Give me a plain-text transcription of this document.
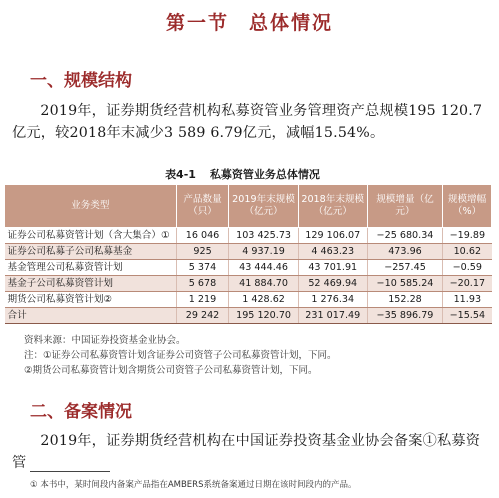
第一节 总体情况
一、规模结构
2019年，证券期货经营机构私募资管业务管理资产总规模195 120.7亿元，较2018年末减少3 589 6.79亿元，减幅15.54%。
表4-1 私募资管业务总体情况
业务类型	产品数量（只）	2019年末规模（亿元）	2018年末规模（亿元）	规模增量（亿元）	规模增幅（%）
证券公司私募资管计划（含大集合）①	16 046	103 425.73	129 106.07	−25 680.34	−19.89
证券公司私募子公司私募基金	925	4 937.19	4 463.23	473.96	10.62
基金管理公司私募资管计划	5 374	43 444.46	43 701.91	−257.45	−0.59
基金子公司私募资管计划	5 678	41 884.70	52 469.94	−10 585.24	−20.17
期货公司私募资管计划②	1 219	1 428.62	1 276.34	152.28	11.93
合计	29 242	195 120.70	231 017.49	−35 896.79	−15.54
资料来源：中国证券投资基金业协会。
注：①证券公司私募资管计划含证券公司资管子公司私募资管计划，下同。
②期货公司私募资管计划含期货公司资管子公司私募资管计划，下同。
二、备案情况
2019年，证券期货经营机构在中国证券投资基金业协会备案①私募资管
① 本书中，某时间段内备案产品指在AMBERS系统备案通过日期在该时间段内的产品。
